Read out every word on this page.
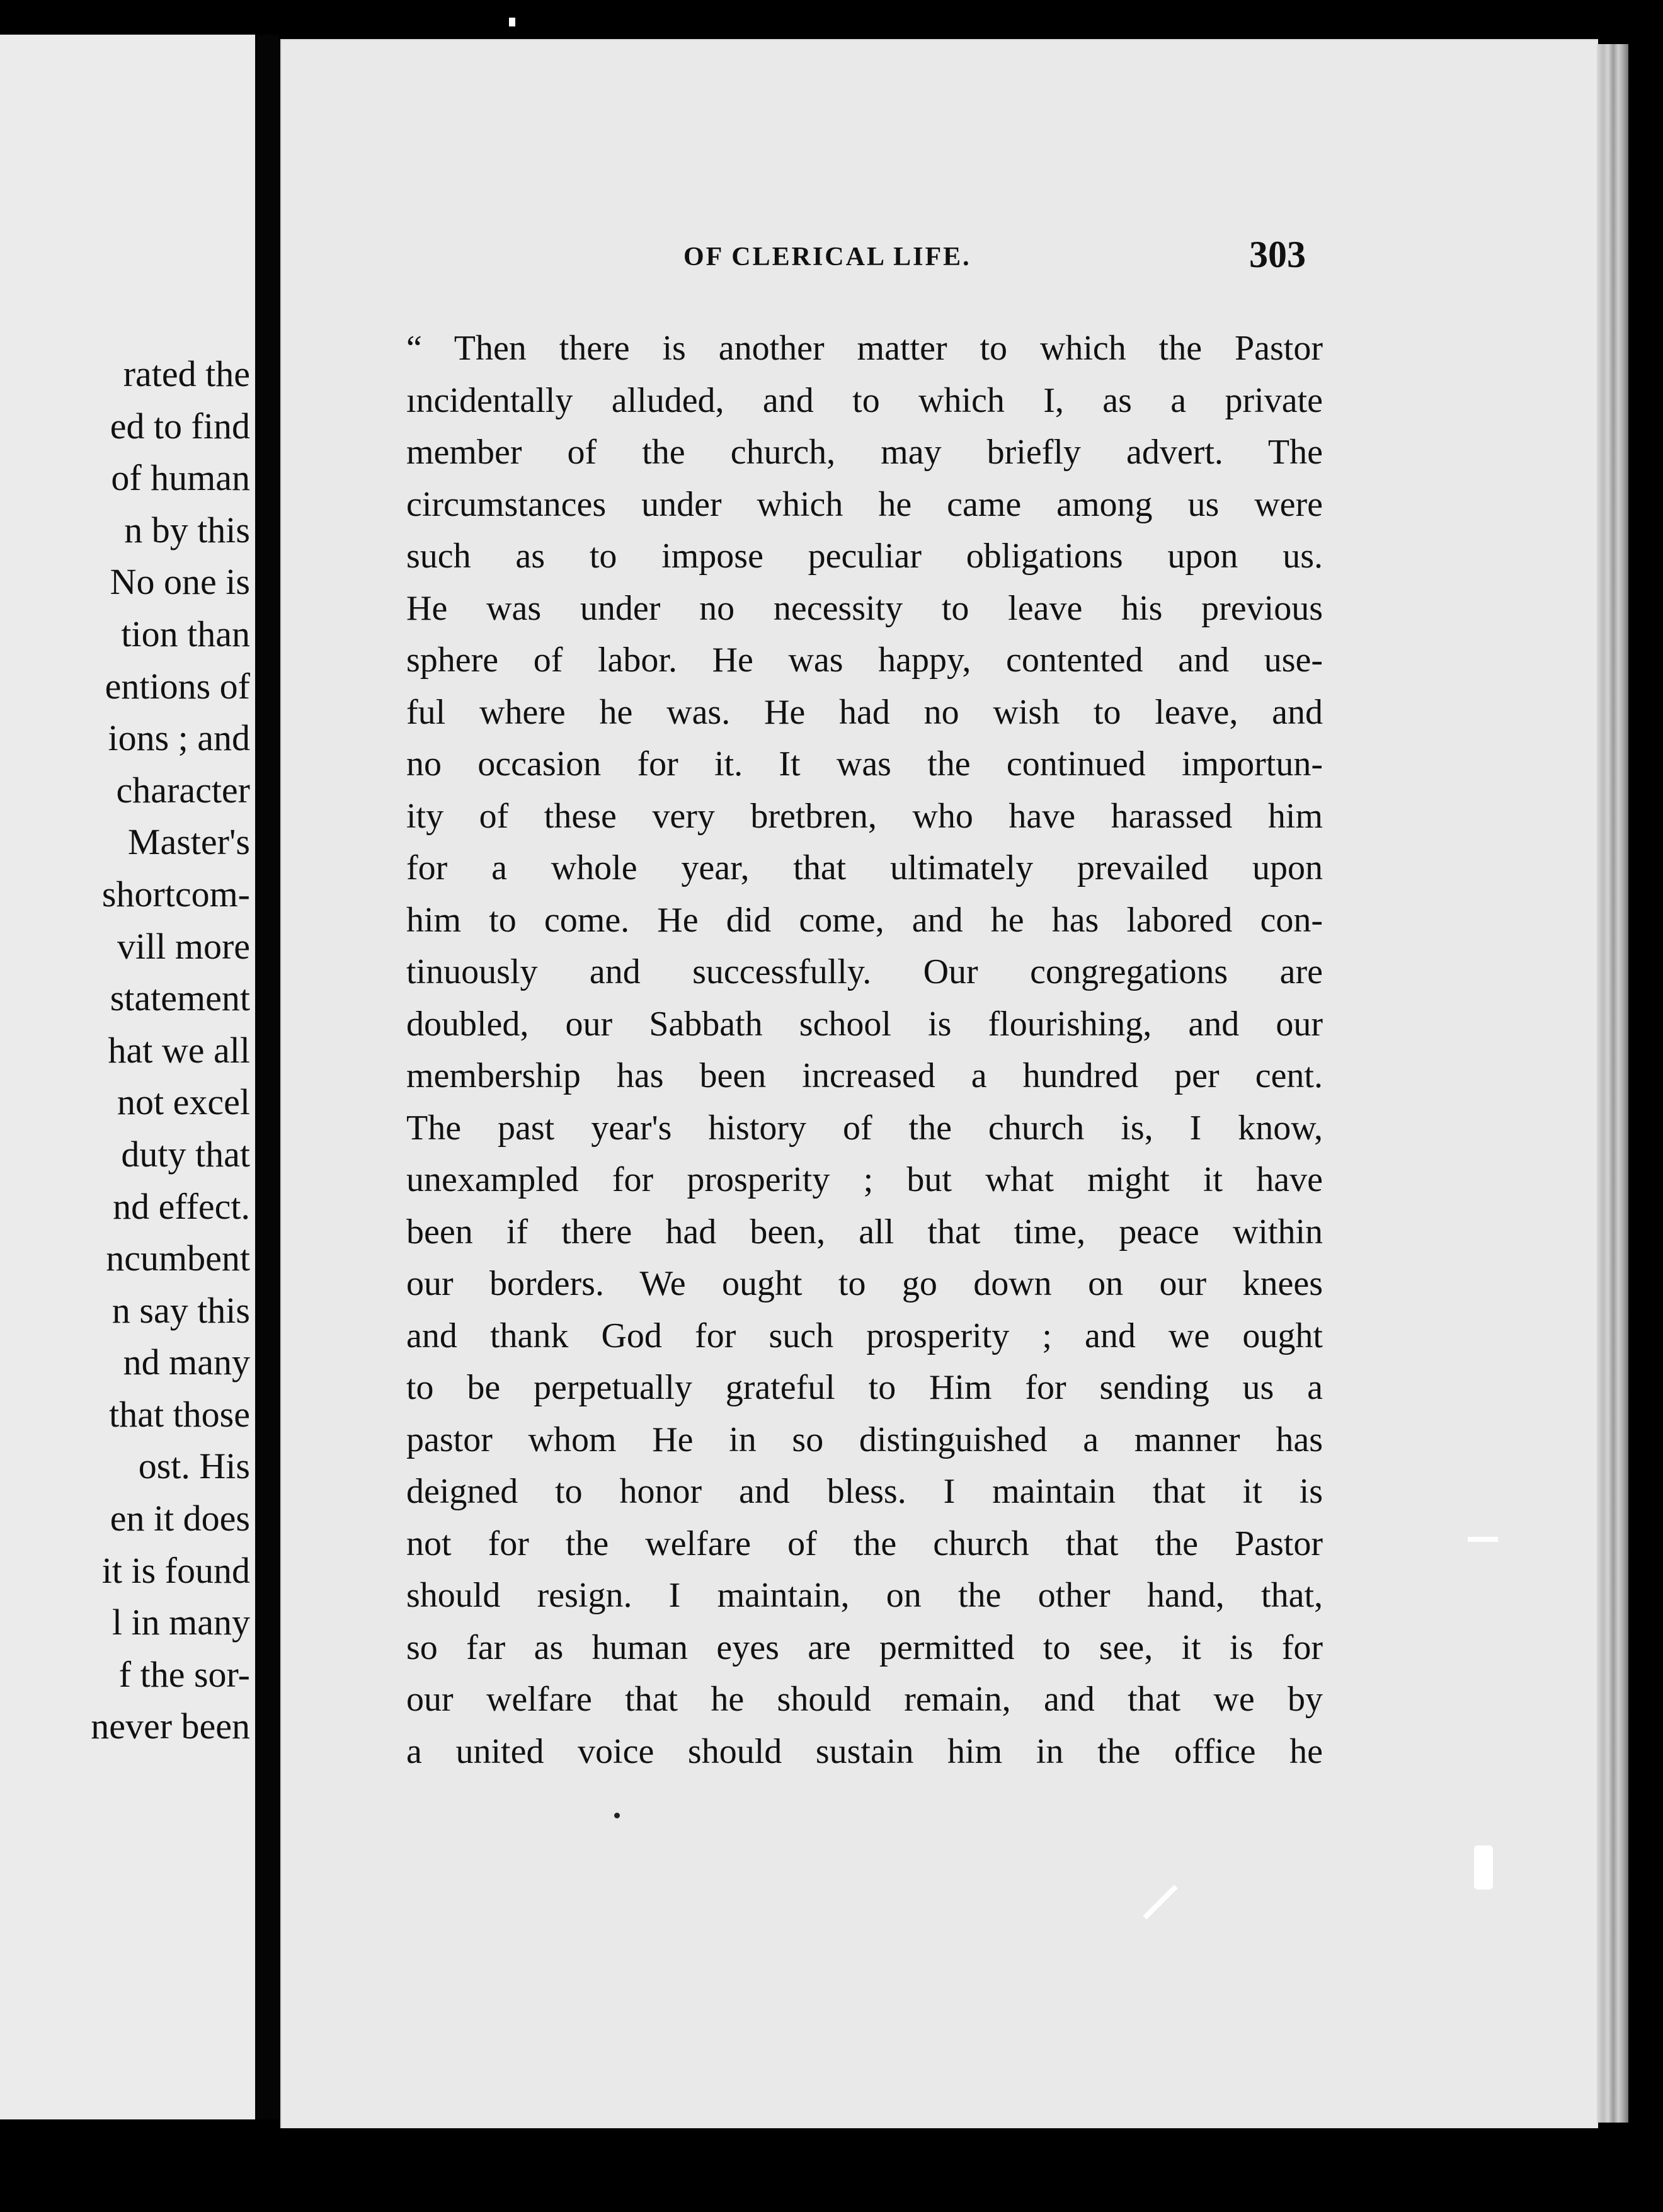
rated the
ed to find
of human
n by this
No one is
tion than
entions of
ions ; and
character
Master's
shortcom-
vill more
statement
hat we all
not excel
duty that
nd effect.
ncumbent
n say this
nd many
that those
ost. His
en it does
it is found
l in many
f the sor-
never been
OF CLERICAL LIFE.	303
“ Then there is another matter to which the Pastor
ıncidentally alluded, and to which I, as a private
member of the church, may briefly advert. The
circumstances under which he came among us were
such as to impose peculiar obligations upon us.
He was under no necessity to leave his previous
sphere of labor. He was happy, contented and use-
ful where he was. He had no wish to leave, and
no occasion for it. It was the continued importun-
ity of these very bretbren, who have harassed him
for a whole year, that ultimately prevailed upon
him to come. He did come, and he has labored con-
tinuously and successfully. Our congregations are
doubled, our Sabbath school is flourishing, and our
membership has been increased a hundred per cent.
The past year's history of the church is, I know,
unexampled for prosperity ; but what might it have
been if there had been, all that time, peace within
our borders. We ought to go down on our knees
and thank God for such prosperity ; and we ought
to be perpetually grateful to Him for sending us a
pastor whom He in so distinguished a manner has
deigned to honor and bless. I maintain that it is
not for the welfare of the church that the Pastor
should resign. I maintain, on the other hand, that,
so far as human eyes are permitted to see, it is for
our welfare that he should remain, and that we by
a united voice should sustain him in the office he
